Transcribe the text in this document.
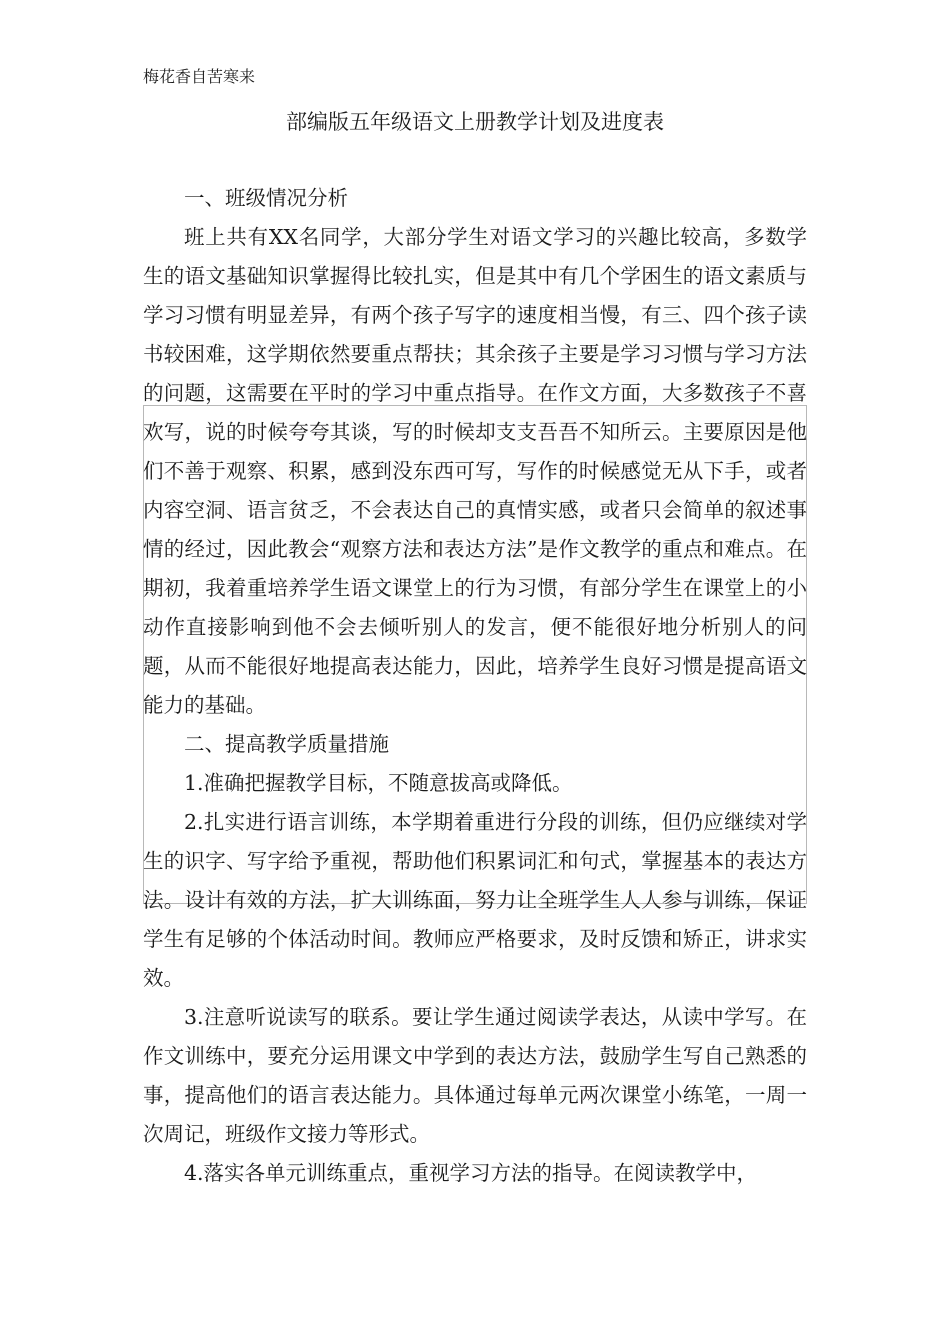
梅花香自苦寒来
部编版五年级语文上册教学计划及进度表

一、班级情况分析

班上共有XX名同学，大部分学生对语文学习的兴趣比较高，多数学生的语文基础知识掌握得比较扎实，但是其中有几个学困生的语文素质与学习习惯有明显差异，有两个孩子写字的速度相当慢，有三、四个孩子读书较困难，这学期依然要重点帮扶；其余孩子主要是学习习惯与学习方法的问题，这需要在平时的学习中重点指导。在作文方面，大多数孩子不喜欢写，说的时候夸夸其谈，写的时候却支支吾吾不知所云。主要原因是他们不善于观察、积累，感到没东西可写，写作的时候感觉无从下手，或者内容空洞、语言贫乏，不会表达自己的真情实感，或者只会简单的叙述事情的经过，因此教会“观察方法和表达方法”是作文教学的重点和难点。在期初，我着重培养学生语文课堂上的行为习惯，有部分学生在课堂上的小动作直接影响到他不会去倾听别人的发言，便不能很好地分析别人的问题，从而不能很好地提高表达能力，因此，培养学生良好习惯是提高语文能力的基础。

二、提高教学质量措施

1.准确把握教学目标，不随意拔高或降低。

2.扎实进行语言训练，本学期着重进行分段的训练，但仍应继续对学生的识字、写字给予重视，帮助他们积累词汇和句式，掌握基本的表达方法。设计有效的方法，扩大训练面，努力让全班学生人人参与训练，保证学生有足够的个体活动时间。教师应严格要求，及时反馈和矫正，讲求实效。

3.注意听说读写的联系。要让学生通过阅读学表达，从读中学写。在作文训练中，要充分运用课文中学到的表达方法，鼓励学生写自己熟悉的事，提高他们的语言表达能力。具体通过每单元两次课堂小练笔，一周一次周记，班级作文接力等形式。

4.落实各单元训练重点，重视学习方法的指导。在阅读教学中，
